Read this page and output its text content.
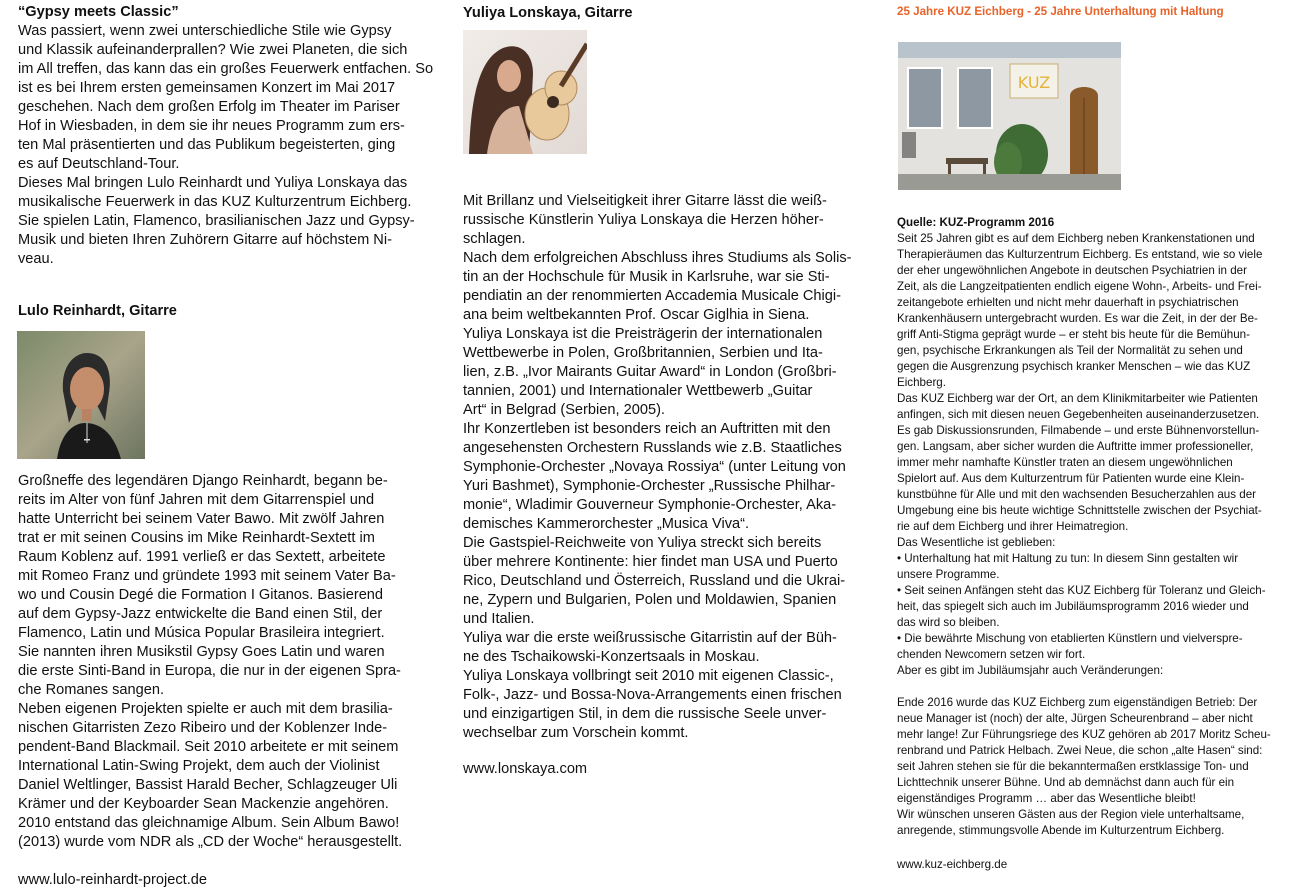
“Gypsy meets Classic”

Was passiert, wenn zwei unterschiedliche Stile wie Gypsy

und Klassik aufeinanderprallen? Wie zwei Planeten, die sich

im All treffen, das kann das ein großes Feuerwerk entfachen. So

ist es bei Ihrem ersten gemeinsamen Konzert im Mai 2017

geschehen. Nach dem großen Erfolg im Theater im Pariser

Hof in Wiesbaden, in dem sie ihr neues Programm zum ers-

ten Mal präsentierten und das Publikum begeisterten, ging

es auf Deutschland-Tour.

Dieses Mal bringen Lulo Reinhardt und Yuliya Lonskaya das

musikalische Feuerwerk in das KUZ Kulturzentrum Eichberg.

Sie spielen Latin, Flamenco, brasilianischen Jazz und Gypsy-

Musik und bieten Ihren Zuhörern Gitarre auf höchstem Ni-

veau.

Lulo Reinhardt, Gitarre

Großneffe des legendären Django Reinhardt, begann be-

reits im Alter von fünf Jahren mit dem Gitarrenspiel und

hatte Unterricht bei seinem Vater Bawo. Mit zwölf Jahren

trat er mit seinen Cousins im Mike Reinhardt-Sextett im

Raum Koblenz auf. 1991 verließ er das Sextett, arbeitete

mit Romeo Franz und gründete 1993 mit seinem Vater Ba-

wo und Cousin Degé die Formation I Gitanos. Basierend

auf dem Gypsy-Jazz entwickelte die Band einen Stil, der

Flamenco, Latin und Música Popular Brasileira integriert.

Sie nannten ihren Musikstil Gypsy Goes Latin und waren

die erste Sinti-Band in Europa, die nur in der eigenen Spra-

che Romanes sangen.

Neben eigenen Projekten spielte er auch mit dem brasilia-

nischen Gitarristen Zezo Ribeiro und der Koblenzer Inde-

pendent-Band Blackmail. Seit 2010 arbeitete er mit seinem

International Latin-Swing Projekt, dem auch der Violinist

Daniel Weltlinger, Bassist Harald Becher, Schlagzeuger Uli

Krämer und der Keyboarder Sean Mackenzie angehören.

2010 entstand das gleichnamige Album. Sein Album Bawo!

(2013) wurde vom NDR als „CD der Woche“ herausgestellt.

www.lulo-reinhardt-project.de

Yuliya Lonskaya, Gitarre

Mit Brillanz und Vielseitigkeit ihrer Gitarre lässt die weiß-

russische Künstlerin Yuliya Lonskaya die Herzen höher-

schlagen.

Nach dem erfolgreichen Abschluss ihres Studiums als Solis-

tin an der Hochschule für Musik in Karlsruhe, war sie Sti-

pendiatin an der renommierten Accademia Musicale Chigi-

ana beim weltbekannten Prof. Oscar Giglhia in Siena.

Yuliya Lonskaya ist die Preisträgerin der internationalen

Wettbewerbe in Polen, Großbritannien, Serbien und Ita-

lien, z.B. „Ivor Mairants Guitar Award“ in London (Großbri-

tannien, 2001) und Internationaler Wettbewerb „Guitar

Art“ in Belgrad (Serbien, 2005).

Ihr Konzertleben ist besonders reich an Auftritten mit den

angesehensten Orchestern Russlands wie z.B. Staatliches

Symphonie-Orchester „Novaya Rossiya“ (unter Leitung von

Yuri Bashmet), Symphonie-Orchester „Russische Philhar-

monie“, Wladimir Gouverneur Symphonie-Orchester, Aka-

demisches Kammerorchester „Musica Viva“.

Die Gastspiel-Reichweite von Yuliya streckt sich bereits

über mehrere Kontinente: hier findet man USA und Puerto

Rico, Deutschland und Österreich, Russland und die Ukrai-

ne, Zypern und Bulgarien, Polen und Moldawien, Spanien

und Italien.

Yuliya war die erste weißrussische Gitarristin auf der Büh-

ne des Tschaikowski-Konzertsaals in Moskau.

Yuliya Lonskaya vollbringt seit 2010 mit eigenen Classic-,

Folk-, Jazz- und Bossa-Nova-Arrangements einen frischen

und einzigartigen Stil, in dem die russische Seele unver-

wechselbar zum Vorschein kommt.

www.lonskaya.com

25 Jahre KUZ Eichberg - 25 Jahre Unterhaltung mit Haltung

KUZ

Quelle: KUZ-Programm 2016

Seit 25 Jahren gibt es auf dem Eichberg neben Krankenstationen und

Therapieräumen das Kulturzentrum Eichberg. Es entstand, wie so viele

der eher ungewöhnlichen Angebote in deutschen Psychiatrien in der

Zeit, als die Langzeitpatienten endlich eigene Wohn-, Arbeits- und Frei-

zeitangebote erhielten und nicht mehr dauerhaft in psychiatrischen

Krankenhäusern untergebracht wurden. Es war die Zeit, in der der Be-

griff Anti-Stigma geprägt wurde – er steht bis heute für die Bemühun-

gen, psychische Erkrankungen als Teil der Normalität zu sehen und

gegen die Ausgrenzung psychisch kranker Menschen – wie das KUZ

Eichberg.

Das KUZ Eichberg war der Ort, an dem Klinikmitarbeiter wie Patienten

anfingen, sich mit diesen neuen Gegebenheiten auseinanderzusetzen.

Es gab Diskussionsrunden, Filmabende – und erste Bühnenvorstellun-

gen. Langsam, aber sicher wurden die Auftritte immer professioneller,

immer mehr namhafte Künstler traten an diesem ungewöhnlichen

Spielort auf. Aus dem Kulturzentrum für Patienten wurde eine Klein-

kunstbühne für Alle und mit den wachsenden Besucherzahlen aus der

Umgebung eine bis heute wichtige Schnittstelle zwischen der Psychiat-

rie auf dem Eichberg und ihrer Heimatregion.

Das Wesentliche ist geblieben:

• Unterhaltung hat mit Haltung zu tun: In diesem Sinn gestalten wir

unsere Programme.

• Seit seinen Anfängen steht das KUZ Eichberg für Toleranz und Gleich-

heit, das spiegelt sich auch im Jubiläumsprogramm 2016 wieder und

das wird so bleiben.

• Die bewährte Mischung von etablierten Künstlern und vielverspre-

chenden Newcomern setzen wir fort.

Aber es gibt im Jubiläumsjahr auch Veränderungen:

Ende 2016 wurde das KUZ Eichberg zum eigenständigen Betrieb: Der

neue Manager ist (noch) der alte, Jürgen Scheurenbrand – aber nicht

mehr lange! Zur Führungsriege des KUZ gehören ab 2017 Moritz Scheu-

renbrand und Patrick Helbach. Zwei Neue, die schon „alte Hasen“ sind:

seit Jahren stehen sie für die bekanntermaßen erstklassige Ton- und

Lichttechnik unserer Bühne. Und ab demnächst dann auch für ein

eigenständiges Programm … aber das Wesentliche bleibt!

Wir wünschen unseren Gästen aus der Region viele unterhaltsame,

anregende, stimmungsvolle Abende im Kulturzentrum Eichberg.

www.kuz-eichberg.de
